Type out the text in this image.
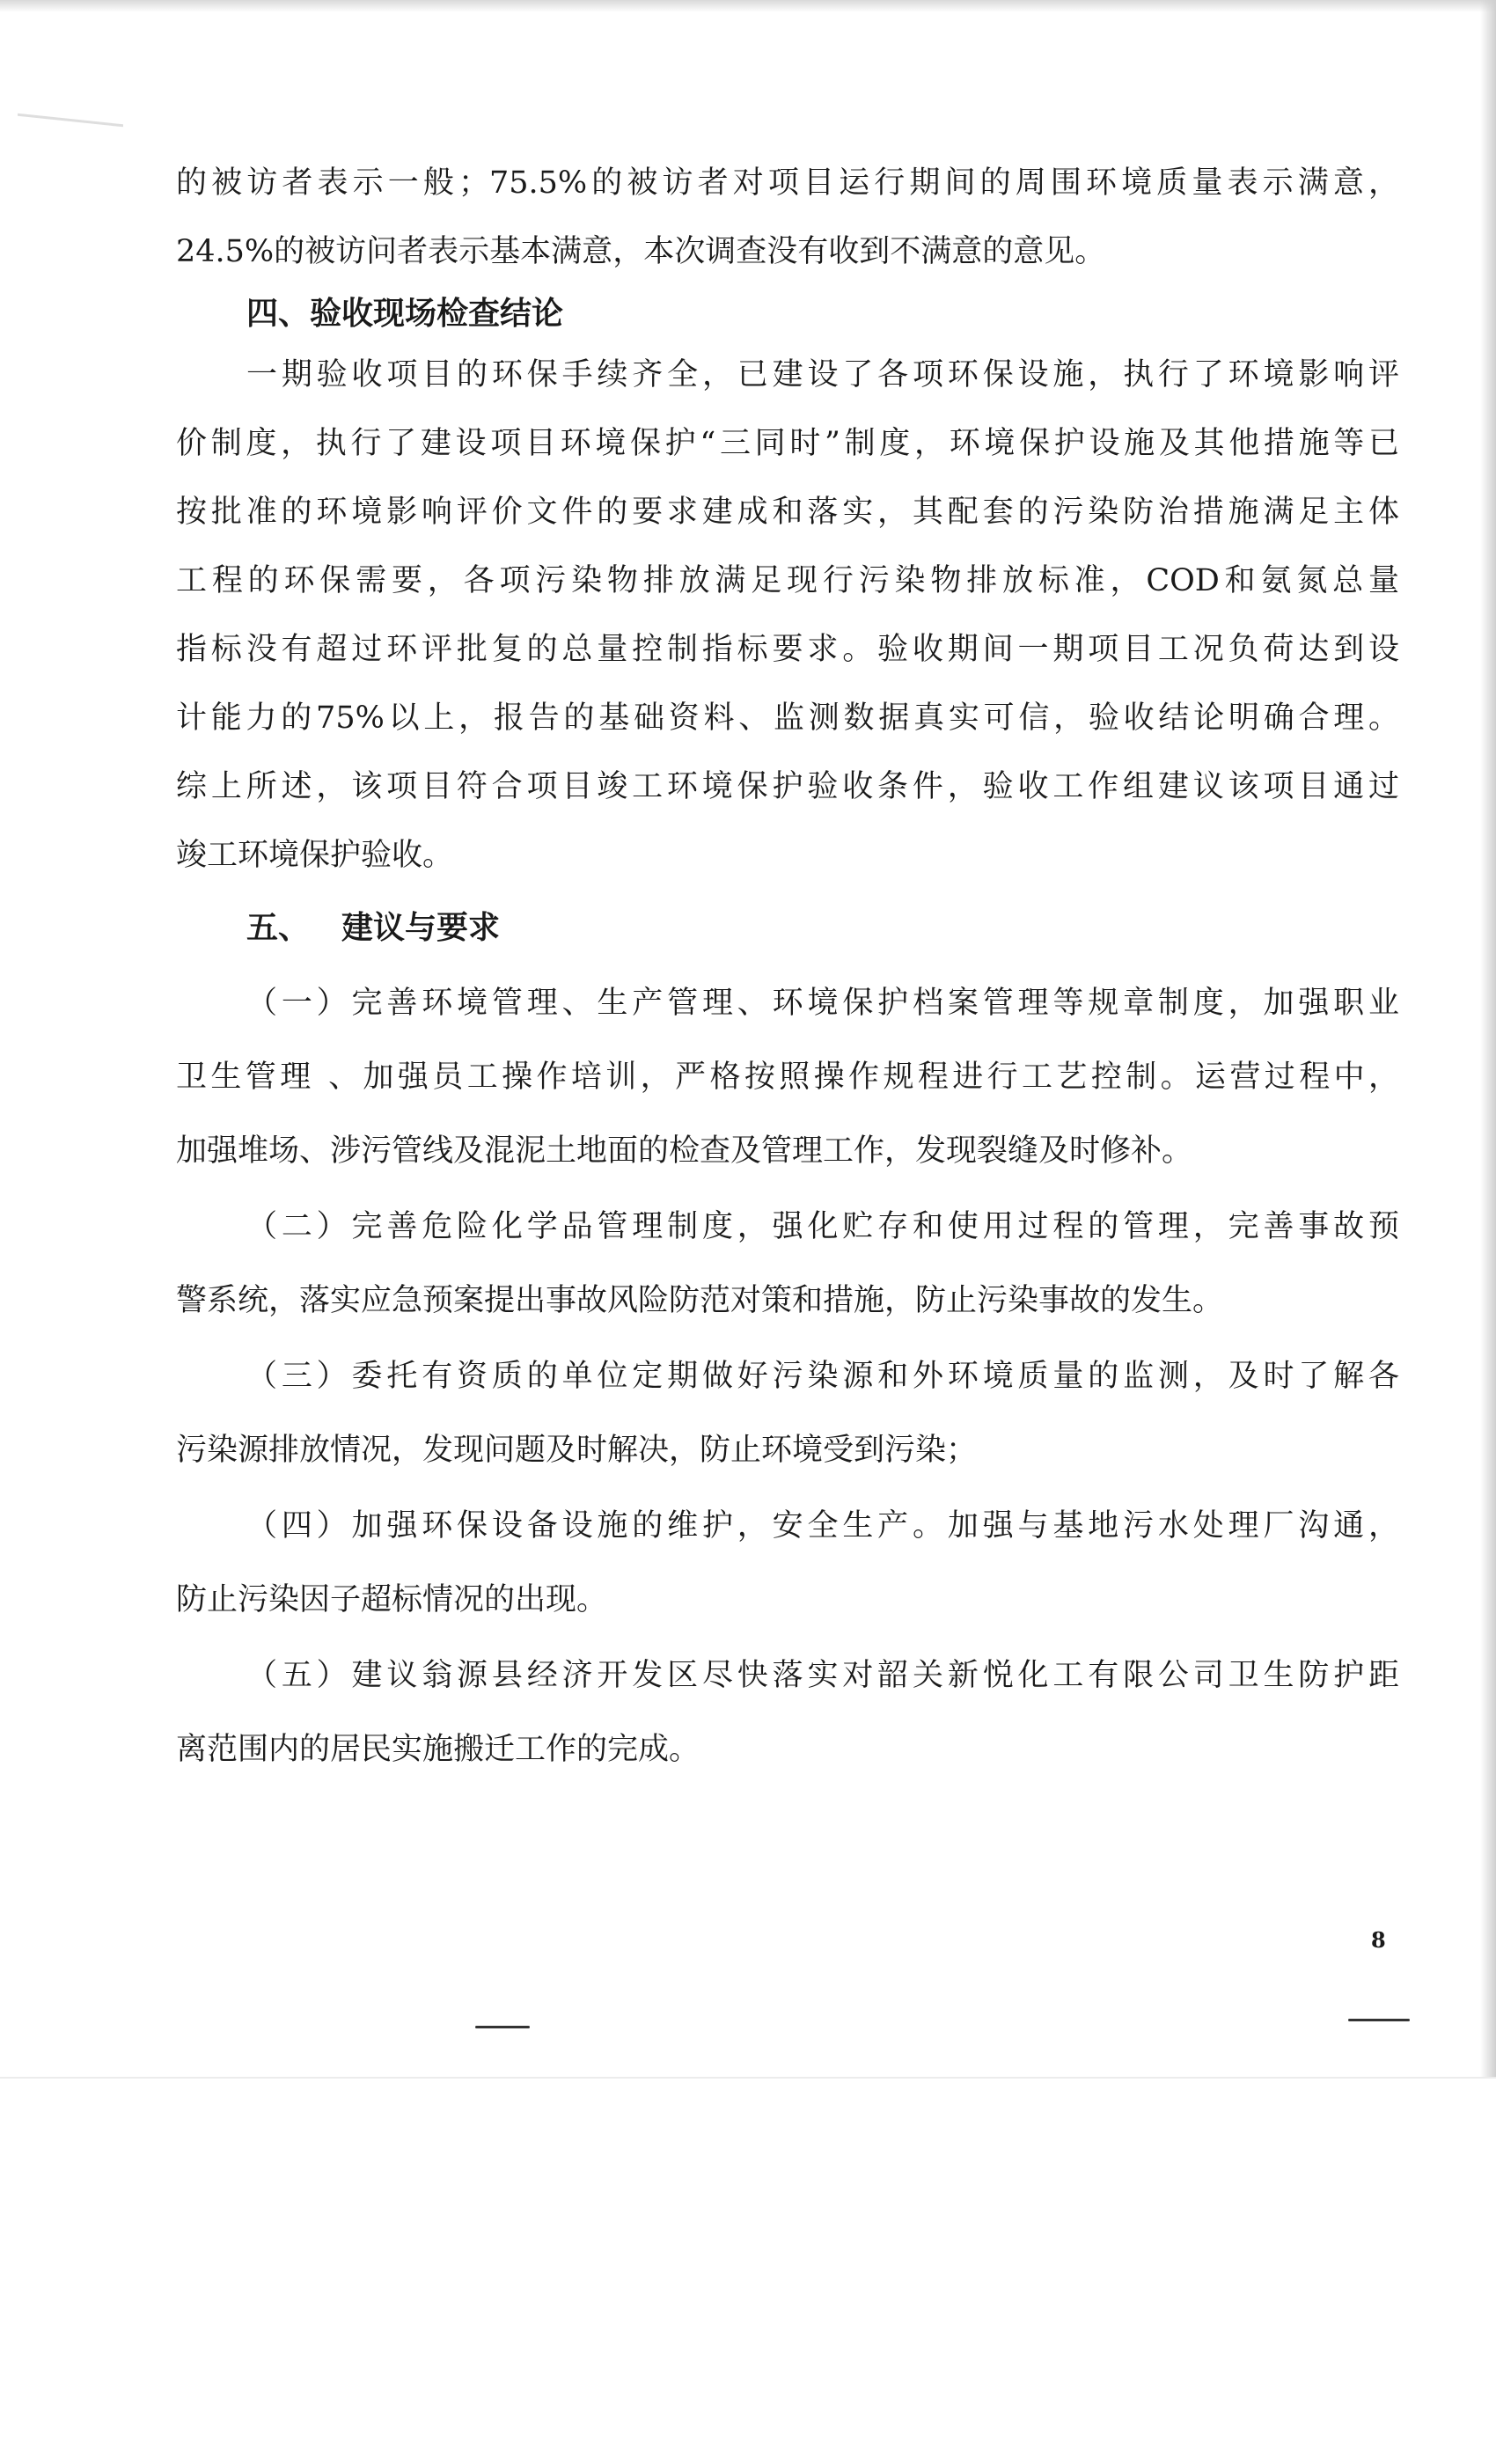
的被访者表示一般；75.5%的被访者对项目运行期间的周围环境质量表示满意，

24.5%的被访问者表示基本满意，本次调查没有收到不满意的意见。

四、验收现场检查结论

一期验收项目的环保手续齐全，已建设了各项环保设施，执行了环境影响评

价制度，执行了建设项目环境保护“三同时”制度，环境保护设施及其他措施等已

按批准的环境影响评价文件的要求建成和落实，其配套的污染防治措施满足主体

工程的环保需要，各项污染物排放满足现行污染物排放标准，COD和氨氮总量

指标没有超过环评批复的总量控制指标要求。验收期间一期项目工况负荷达到设

计能力的75%以上，报告的基础资料、监测数据真实可信，验收结论明确合理。

综上所述，该项目符合项目竣工环境保护验收条件，验收工作组建议该项目通过

竣工环境保护验收。

五、 建议与要求

（一）完善环境管理、生产管理、环境保护档案管理等规章制度，加强职业

卫生管理 、加强员工操作培训，严格按照操作规程进行工艺控制。运营过程中，

加强堆场、涉污管线及混泥土地面的检查及管理工作，发现裂缝及时修补。

（二）完善危险化学品管理制度，强化贮存和使用过程的管理，完善事故预

警系统，落实应急预案提出事故风险防范对策和措施，防止污染事故的发生。

（三）委托有资质的单位定期做好污染源和外环境质量的监测，及时了解各

污染源排放情况，发现问题及时解决，防止环境受到污染；

（四）加强环保设备设施的维护，安全生产。加强与基地污水处理厂沟通，

防止污染因子超标情况的出现。

（五）建议翁源县经济开发区尽快落实对韶关新悦化工有限公司卫生防护距

离范围内的居民实施搬迁工作的完成。

8
